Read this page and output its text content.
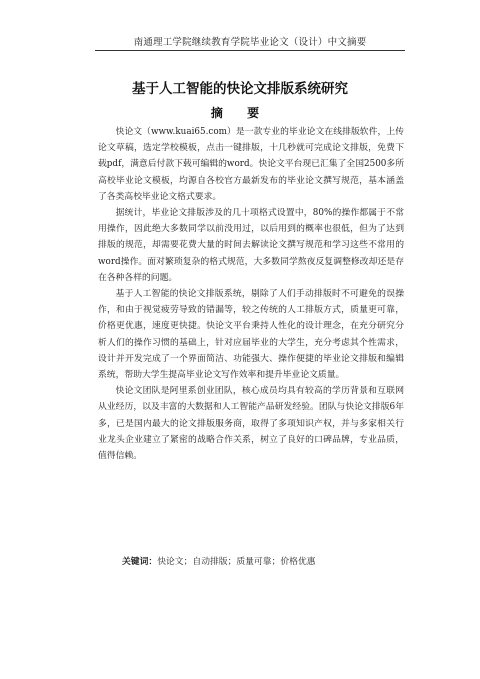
南通理工学院继续教育学院毕业论文（设计）中文摘要
基于人工智能的快论文排版系统研究
摘 要

快论文（www.kuai65.com）是一款专业的毕业论文在线排版软件，上传论文草稿，选定学校模板，点击一键排版，十几秒就可完成论文排版，免费下载pdf，满意后付款下载可编辑的word。快论文平台现已汇集了全国2500多所高校毕业论文模板，均源自各校官方最新发布的毕业论文撰写规范，基本涵盖了各类高校毕业论文格式要求。

据统计，毕业论文排版涉及的几十项格式设置中，80%的操作都属于不常用操作，因此绝大多数同学以前没用过，以后用到的概率也很低，但为了达到排版的规范，却需要花费大量的时间去解读论文撰写规范和学习这些不常用的word操作。面对繁琐复杂的格式规范，大多数同学熬夜反复调整修改却还是存在各种各样的问题。

基于人工智能的快论文排版系统，剔除了人们手动排版时不可避免的误操作，和由于视觉疲劳导致的错漏等，较之传统的人工排版方式，质量更可靠，价格更优惠，速度更快捷。快论文平台秉持人性化的设计理念，在充分研究分析人们的操作习惯的基础上，针对应届毕业的大学生，充分考虑其个性需求，设计并开发完成了一个界面简洁、功能强大、操作便捷的毕业论文排版和编辑系统，帮助大学生提高毕业论文写作效率和提升毕业论文质量。

快论文团队是阿里系创业团队，核心成员均具有较高的学历背景和互联网从业经历，以及丰富的大数据和人工智能产品研发经验。团队与快论文排版6年多，已是国内最大的论文排版服务商，取得了多项知识产权，并与多家相关行业龙头企业建立了紧密的战略合作关系，树立了良好的口碑品牌，专业品质，值得信赖。

关键词：快论文；自动排版；质量可靠；价格优惠
